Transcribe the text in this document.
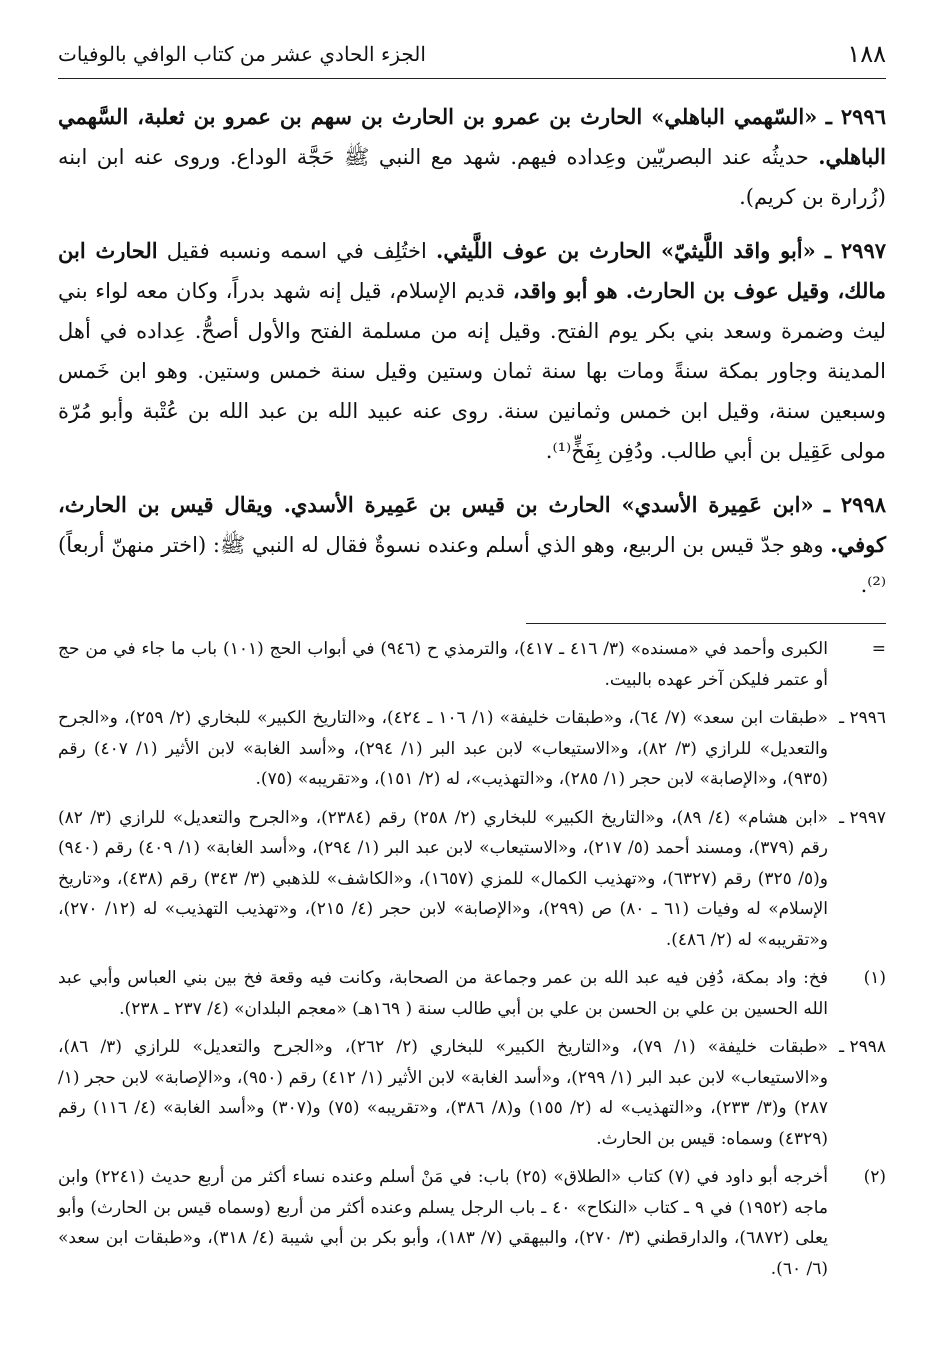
١٨٨
الجزء الحادي عشر من كتاب الوافي بالوفيات

٢٩٩٦ ـ «السّهمي الباهلي» الحارث بن عمرو بن الحارث بن سهم بن عمرو بن ثعلبة، السَّهمي الباهلي. حديثُه عند البصريّين وعِداده فيهم. شهد مع النبي ﷺ حَجَّة الوداع. وروى عنه ابن ابنه (زُرارة بن كريم).

٢٩٩٧ ـ «أبو واقد اللَّيثيّ» الحارث بن عوف اللَّيثي. اختُلِف في اسمه ونسبه فقيل الحارث ابن مالك، وقيل عوف بن الحارث. هو أبو واقد، قديم الإسلام، قيل إنه شهد بدراً، وكان معه لواء بني ليث وضمرة وسعد بني بكر يوم الفتح. وقيل إنه من مسلمة الفتح والأول أصحُّ. عِداده في أهل المدينة وجاور بمكة سنةً ومات بها سنة ثمان وستين وقيل سنة خمس وستين. وهو ابن خَمس وسبعين سنة، وقيل ابن خمس وثمانين سنة. روى عنه عبيد الله بن عبد الله بن عُتْبة وأبو مُرّة مولى عَقِيل بن أبي طالب. ودُفِن بِفَخٍّ⁽¹⁾.

٢٩٩٨ ـ «ابن عَمِيرة الأسدي» الحارث بن قيس بن عَمِيرة الأسدي. ويقال قيس بن الحارث، كوفي. وهو جدّ قيس بن الربيع، وهو الذي أسلم وعنده نسوةٌ فقال له النبي ﷺ: (اختر منهنّ أربعاً)⁽²⁾.

=
الكبرى وأحمد في «مسنده» (٣/ ٤١٦ ـ ٤١٧)، والترمذي ح (٩٤٦) في أبواب الحج (١٠١) باب ما جاء في من حج أو عتمر فليكن آخر عهده بالبيت.
٢٩٩٦ ـ
«طبقات ابن سعد» (٧/ ٦٤)، و«طبقات خليفة» (١/ ١٠٦ ـ ٤٢٤)، و«التاريخ الكبير» للبخاري (٢/ ٢٥٩)، و«الجرح والتعديل» للرازي (٣/ ٨٢)، و«الاستيعاب» لابن عبد البر (١/ ٢٩٤)، و«أسد الغابة» لابن الأثير (١/ ٤٠٧) رقم (٩٣٥)، و«الإصابة» لابن حجر (١/ ٢٨٥)، و«التهذيب»، له (٢/ ١٥١)، و«تقريبه» (٧٥).
٢٩٩٧ ـ
«ابن هشام» (٤/ ٨٩)، و«التاريخ الكبير» للبخاري (٢/ ٢٥٨) رقم (٢٣٨٤)، و«الجرح والتعديل» للرازي (٣/ ٨٢) رقم (٣٧٩)، ومسند أحمد (٥/ ٢١٧)، و«الاستيعاب» لابن عبد البر (١/ ٢٩٤)، و«أسد الغابة» (١/ ٤٠٩) رقم (٩٤٠) و(٥/ ٣٢٥) رقم (٦٣٢٧)، و«تهذيب الكمال» للمزي (١٦٥٧)، و«الكاشف» للذهبي (٣/ ٣٤٣) رقم (٤٣٨)، و«تاريخ الإسلام» له وفيات (٦١ ـ ٨٠) ص (٢٩٩)، و«الإصابة» لابن حجر (٤/ ٢١٥)، و«تهذيب التهذيب» له (١٢/ ٢٧٠)، و«تقريبه» له (٢/ ٤٨٦).
(١)
فخ: واد بمكة، دُفِن فيه عبد الله بن عمر وجماعة من الصحابة، وكانت فيه وقعة فخ بين بني العباس وأبي عبد الله الحسين بن علي بن الحسن بن علي بن أبي طالب سنة ( ١٦٩هـ) «معجم البلدان» (٤/ ٢٣٧ ـ ٢٣٨).
٢٩٩٨ ـ
«طبقات خليفة» (١/ ٧٩)، و«التاريخ الكبير» للبخاري (٢/ ٢٦٢)، و«الجرح والتعديل» للرازي (٣/ ٨٦)، و«الاستيعاب» لابن عبد البر (١/ ٢٩٩)، و«أسد الغابة» لابن الأثير (١/ ٤١٢) رقم (٩٥٠)، و«الإصابة» لابن حجر (١/ ٢٨٧) و(٣/ ٢٣٣)، و«التهذيب» له (٢/ ١٥٥) و(٨/ ٣٨٦)، و«تقريبه» (٧٥) و(٣٠٧) و«أسد الغابة» (٤/ ١١٦) رقم (٤٣٢٩) وسماه: قيس بن الحارث.
(٢)
أخرجه أبو داود في (٧) كتاب «الطلاق» (٢٥) باب: في مَنْ أسلم وعنده نساء أكثر من أربع حديث (٢٢٤١) وابن ماجه (١٩٥٢) في ٩ ـ كتاب «النكاح» ٤٠ ـ باب الرجل يسلم وعنده أكثر من أربع (وسماه قيس بن الحارث) وأبو يعلى (٦٨٧٢)، والدارقطني (٣/ ٢٧٠)، والبيهقي (٧/ ١٨٣)، وأبو بكر بن أبي شيبة (٤/ ٣١٨)، و«طبقات ابن سعد» (٦/ ٦٠).
